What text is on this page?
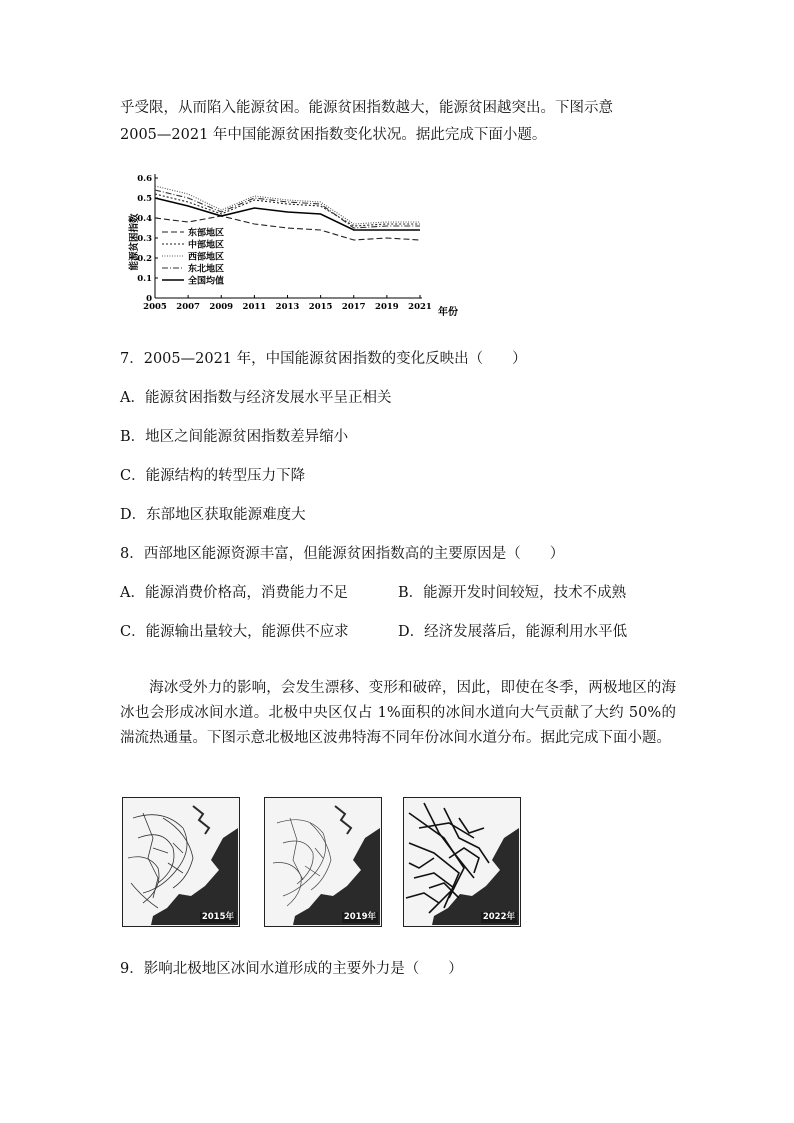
乎受限，从而陷入能源贫困。能源贫困指数越大，能源贫困越突出。下图示意
2005—2021 年中国能源贫困指数变化状况。据此完成下面小题。
0
0.1
0.2
0.3
0.4
0.5
0.6
2005 2007 2009 2011 2013 2015 2017 2019 2021
东部地区
中部地区
西部地区
东北地区
全国均值
能源贫困指数
年份
7．2005—2021 年，中国能源贫困指数的变化反映出（　　）
A．能源贫困指数与经济发展水平呈正相关
B．地区之间能源贫困指数差异缩小
C．能源结构的转型压力下降
D．东部地区获取能源难度大
8．西部地区能源资源丰富，但能源贫困指数高的主要原因是（　　）
A．能源消费价格高，消费能力不足	B．能源开发时间较短，技术不成熟
C．能源输出量较大，能源供不应求	D．经济发展落后，能源利用水平低
海冰受外力的影响，会发生漂移、变形和破碎，因此，即使在冬季，两极地区的海冰也会形成冰间水道。北极中央区仅占 1%面积的冰间水道向大气贡献了大约 50%的湍流热通量。下图示意北极地区波弗特海不同年份冰间水道分布。据此完成下面小题。
2015年	2019年	2022年
9．影响北极地区冰间水道形成的主要外力是（　　）
